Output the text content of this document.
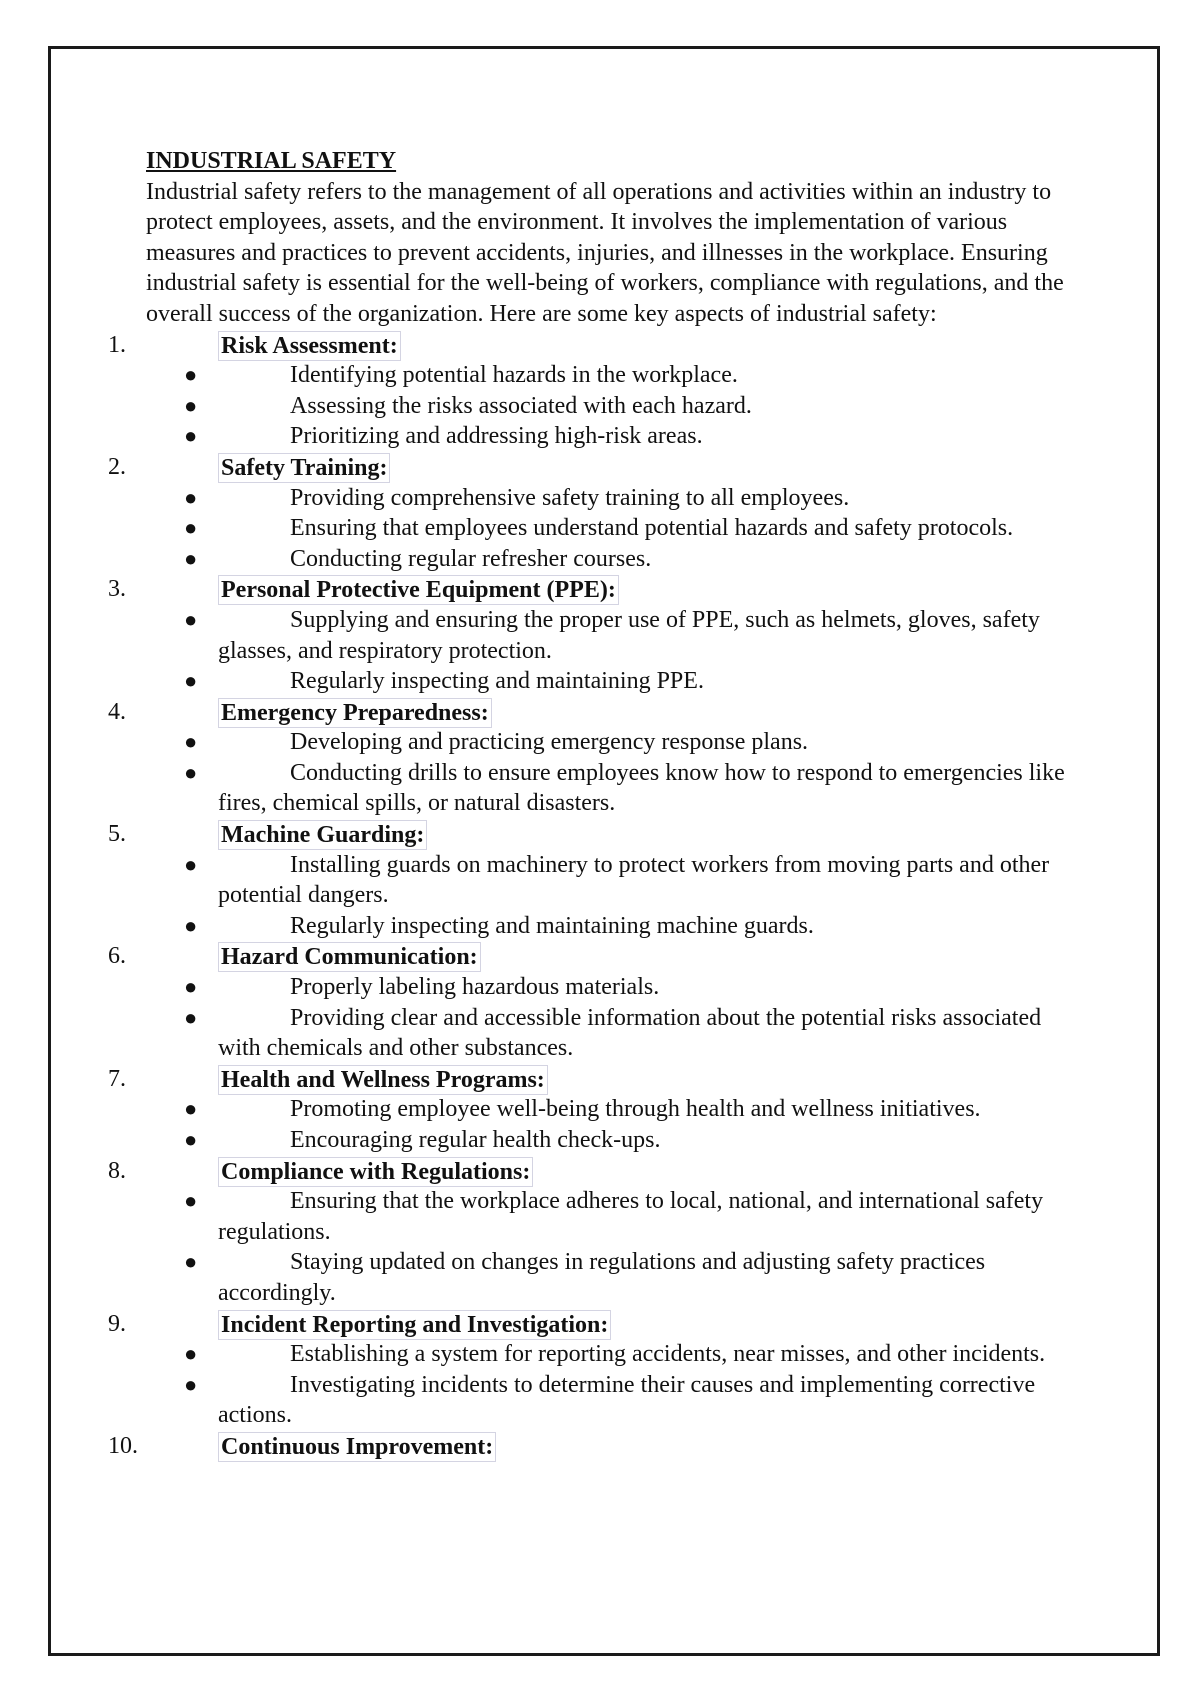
INDUSTRIAL SAFETY

Industrial safety refers to the management of all operations and activities within an industry to protect employees, assets, and the environment. It involves the implementation of various measures and practices to prevent accidents, injuries, and illnesses in the workplace. Ensuring industrial safety is essential for the well-being of workers, compliance with regulations, and the overall success of the organization. Here are some key aspects of industrial safety:

1.	Risk Assessment:
●	Identifying potential hazards in the workplace.
●	Assessing the risks associated with each hazard.
●	Prioritizing and addressing high-risk areas.
2.	Safety Training:
●	Providing comprehensive safety training to all employees.
●	Ensuring that employees understand potential hazards and safety protocols.
●	Conducting regular refresher courses.
3.	Personal Protective Equipment (PPE):
●	Supplying and ensuring the proper use of PPE, such as helmets, gloves, safety glasses, and respiratory protection.
●	Regularly inspecting and maintaining PPE.
4.	Emergency Preparedness:
●	Developing and practicing emergency response plans.
●	Conducting drills to ensure employees know how to respond to emergencies like fires, chemical spills, or natural disasters.
5.	Machine Guarding:
●	Installing guards on machinery to protect workers from moving parts and other potential dangers.
●	Regularly inspecting and maintaining machine guards.
6.	Hazard Communication:
●	Properly labeling hazardous materials.
●	Providing clear and accessible information about the potential risks associated with chemicals and other substances.
7.	Health and Wellness Programs:
●	Promoting employee well-being through health and wellness initiatives.
●	Encouraging regular health check-ups.
8.	Compliance with Regulations:
●	Ensuring that the workplace adheres to local, national, and international safety regulations.
●	Staying updated on changes in regulations and adjusting safety practices accordingly.
9.	Incident Reporting and Investigation:
●	Establishing a system for reporting accidents, near misses, and other incidents.
●	Investigating incidents to determine their causes and implementing corrective actions.
10.	Continuous Improvement:
